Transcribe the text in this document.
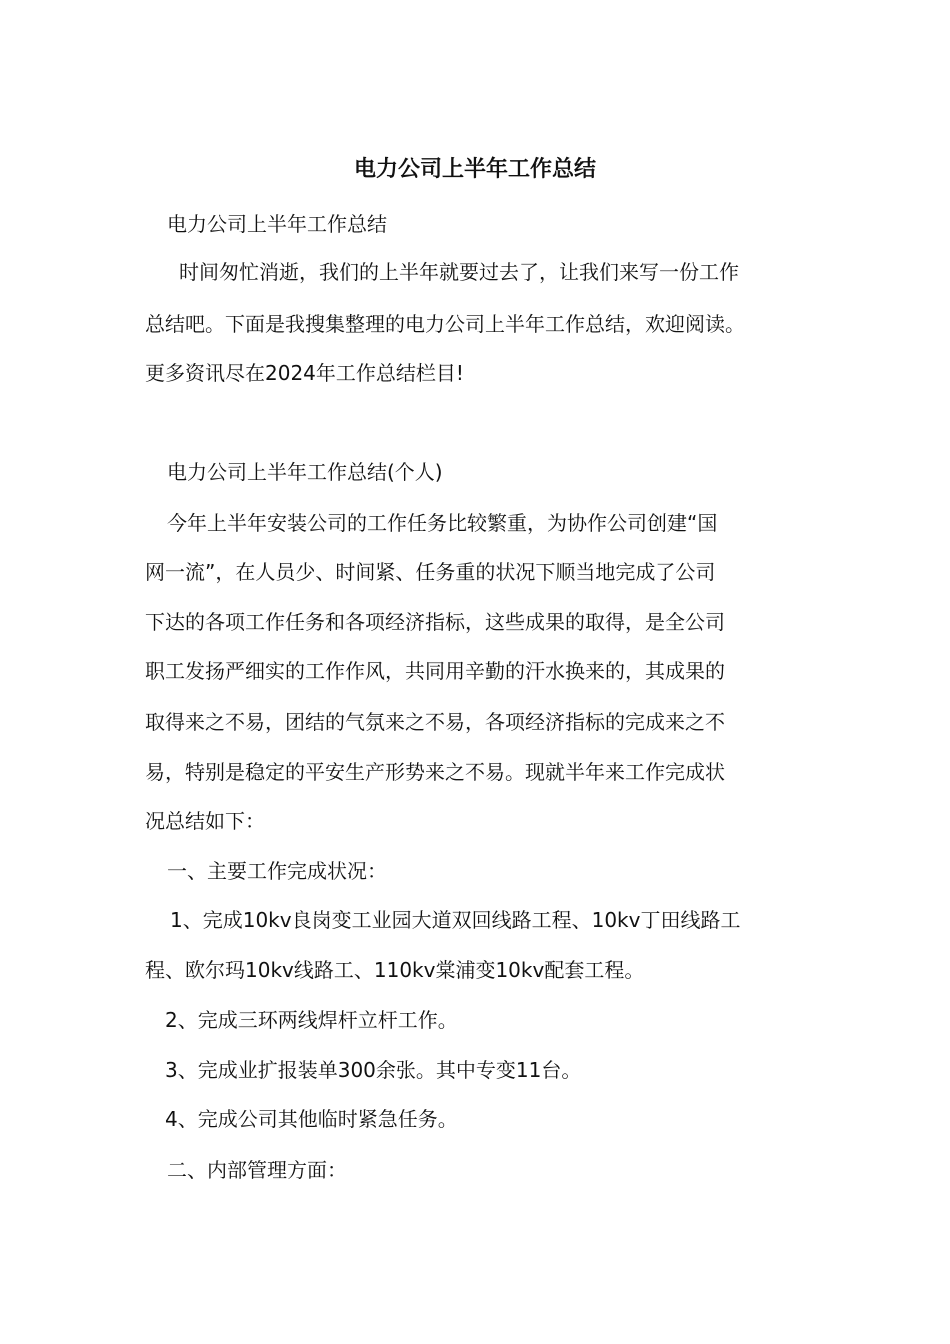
电力公司上半年工作总结
电力公司上半年工作总结
时间匆忙消逝，我们的上半年就要过去了，让我们来写一份工作
总结吧。下面是我搜集整理的电力公司上半年工作总结，欢迎阅读。
更多资讯尽在2024年工作总结栏目!
电力公司上半年工作总结(个人)
今年上半年安装公司的工作任务比较繁重，为协作公司创建“国
网一流”，在人员少、时间紧、任务重的状况下顺当地完成了公司
下达的各项工作任务和各项经济指标，这些成果的取得，是全公司
职工发扬严细实的工作作风，共同用辛勤的汗水换来的，其成果的
取得来之不易，团结的气氛来之不易，各项经济指标的完成来之不
易，特别是稳定的平安生产形势来之不易。现就半年来工作完成状
况总结如下：
一、主要工作完成状况：
1、完成10kv良岗变工业园大道双回线路工程、10kv丁田线路工
程、欧尔玛10kv线路工、110kv棠浦变10kv配套工程。
2、完成三环两线焊杆立杆工作。
3、完成业扩报装单300余张。其中专变11台。
4、完成公司其他临时紧急任务。
二、内部管理方面：
